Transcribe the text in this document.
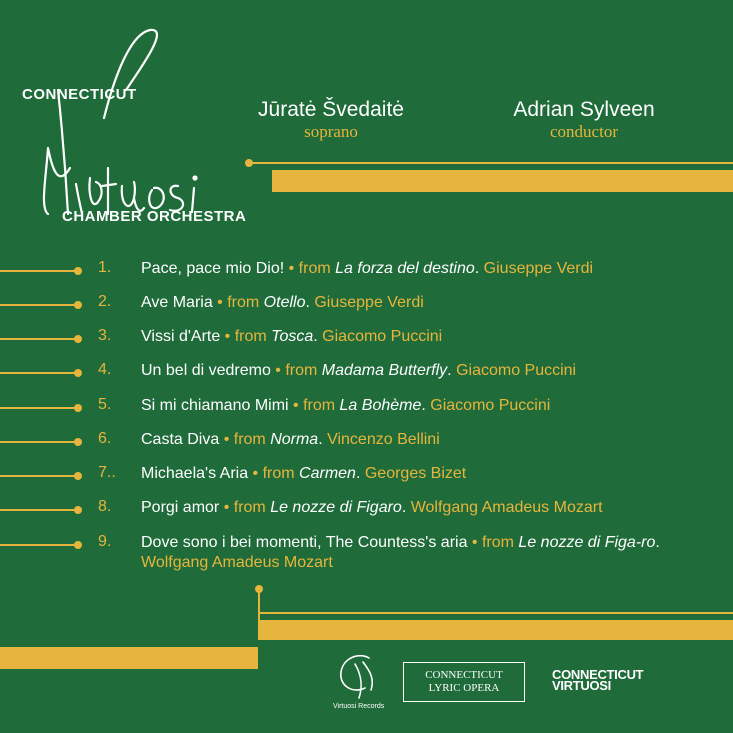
CONNECTICUT
CHAMBER ORCHESTRA
Jūratė Švedaitė
soprano
Adrian Sylveen
conductor
1.	Pace, pace mio Dio! • from La forza del destino. Giuseppe Verdi
2.	Ave Maria • from Otello. Giuseppe Verdi
3.	Vissi d'Arte • from Tosca. Giacomo Puccini
4.	Un bel di vedremo • from Madama Butterfly. Giacomo Puccini
5.	Si mi chiamano Mimi • from La Bohème. Giacomo Puccini
6.	Casta Diva • from Norma. Vincenzo Bellini
7..	Michaela's Aria • from Carmen. Georges Bizet
8.	Porgi amor • from Le nozze di Figaro. Wolfgang Amadeus Mozart
9.	Dove sono i bei momenti, The Countess's aria • from Le nozze di Figa-ro. Wolfgang Amadeus Mozart
Virtuosi Records
CONNECTICUT
LYRIC OPERA
CONNECTICUT
VIRTUOSI
